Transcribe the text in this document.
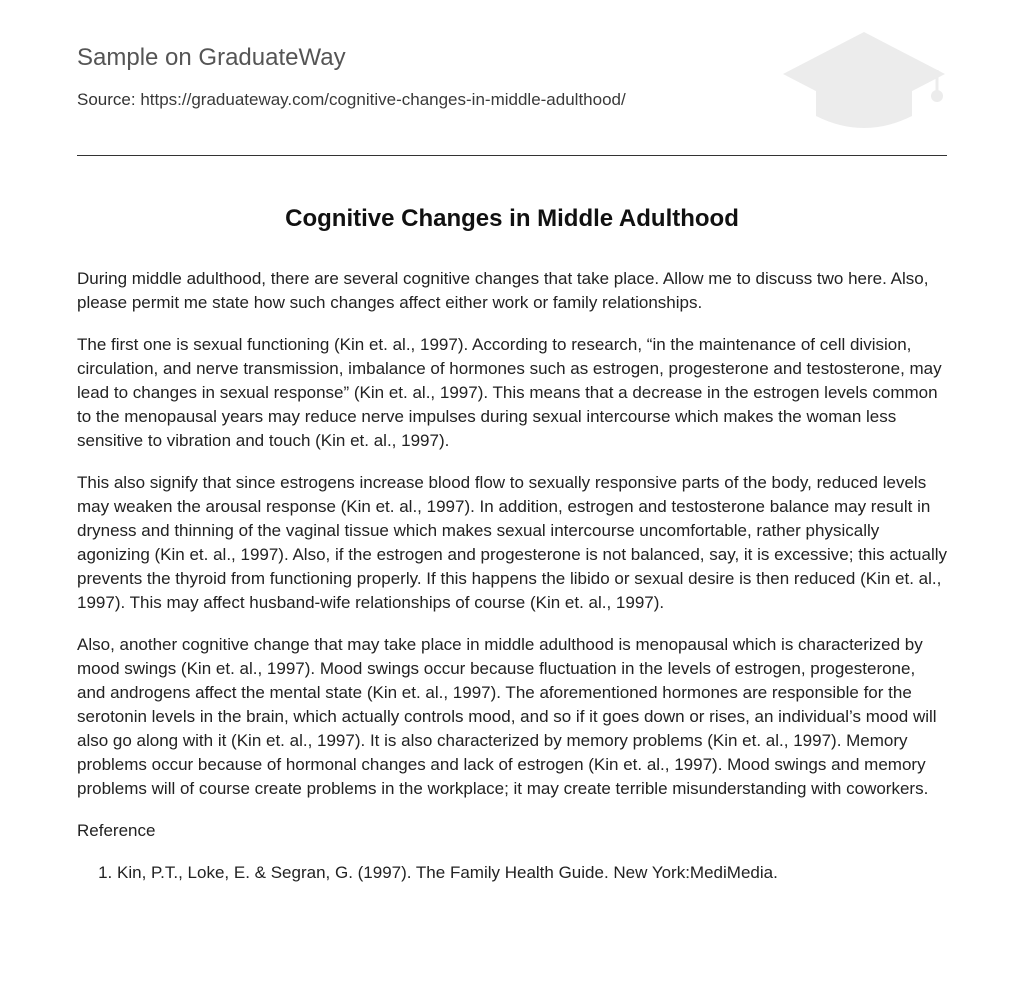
Sample on GraduateWay
Source: https://graduateway.com/cognitive-changes-in-middle-adulthood/
Cognitive Changes in Middle Adulthood

During middle adulthood, there are several cognitive changes that take place. Allow me to discuss two here. Also, please permit me state how such changes affect either work or family relationships.

The first one is sexual functioning (Kin et. al., 1997). According to research, “in the maintenance of cell division, circulation, and nerve transmission, imbalance of hormones such as estrogen, progesterone and testosterone, may lead to changes in sexual response” (Kin et. al., 1997). This means that a decrease in the estrogen levels common to the menopausal years may reduce nerve impulses during sexual intercourse which makes the woman less sensitive to vibration and touch (Kin et. al., 1997).

This also signify that since estrogens increase blood flow to sexually responsive parts of the body, reduced levels may weaken the arousal response (Kin et. al., 1997). In addition, estrogen and testosterone balance may result in dryness and thinning of the vaginal tissue which makes sexual intercourse uncomfortable, rather physically agonizing (Kin et. al., 1997). Also, if the estrogen and progesterone is not balanced, say, it is excessive; this actually prevents the thyroid from functioning properly. If this happens the libido or sexual desire is then reduced (Kin et. al., 1997). This may affect husband-wife relationships of course (Kin et. al., 1997).

Also, another cognitive change that may take place in middle adulthood is menopausal which is characterized by mood swings (Kin et. al., 1997). Mood swings occur because fluctuation in the levels of estrogen, progesterone, and androgens affect the mental state (Kin et. al., 1997). The aforementioned hormones are responsible for the serotonin levels in the brain, which actually controls mood, and so if it goes down or rises, an individual’s mood will also go along with it (Kin et. al., 1997). It is also characterized by memory problems (Kin et. al., 1997). Memory problems occur because of hormonal changes and lack of estrogen (Kin et. al., 1997). Mood swings and memory problems will of course create problems in the workplace; it may create terrible misunderstanding with coworkers.

Reference

1. Kin, P.T., Loke, E. & Segran, G. (1997). The Family Health Guide. New York:MediMedia.
